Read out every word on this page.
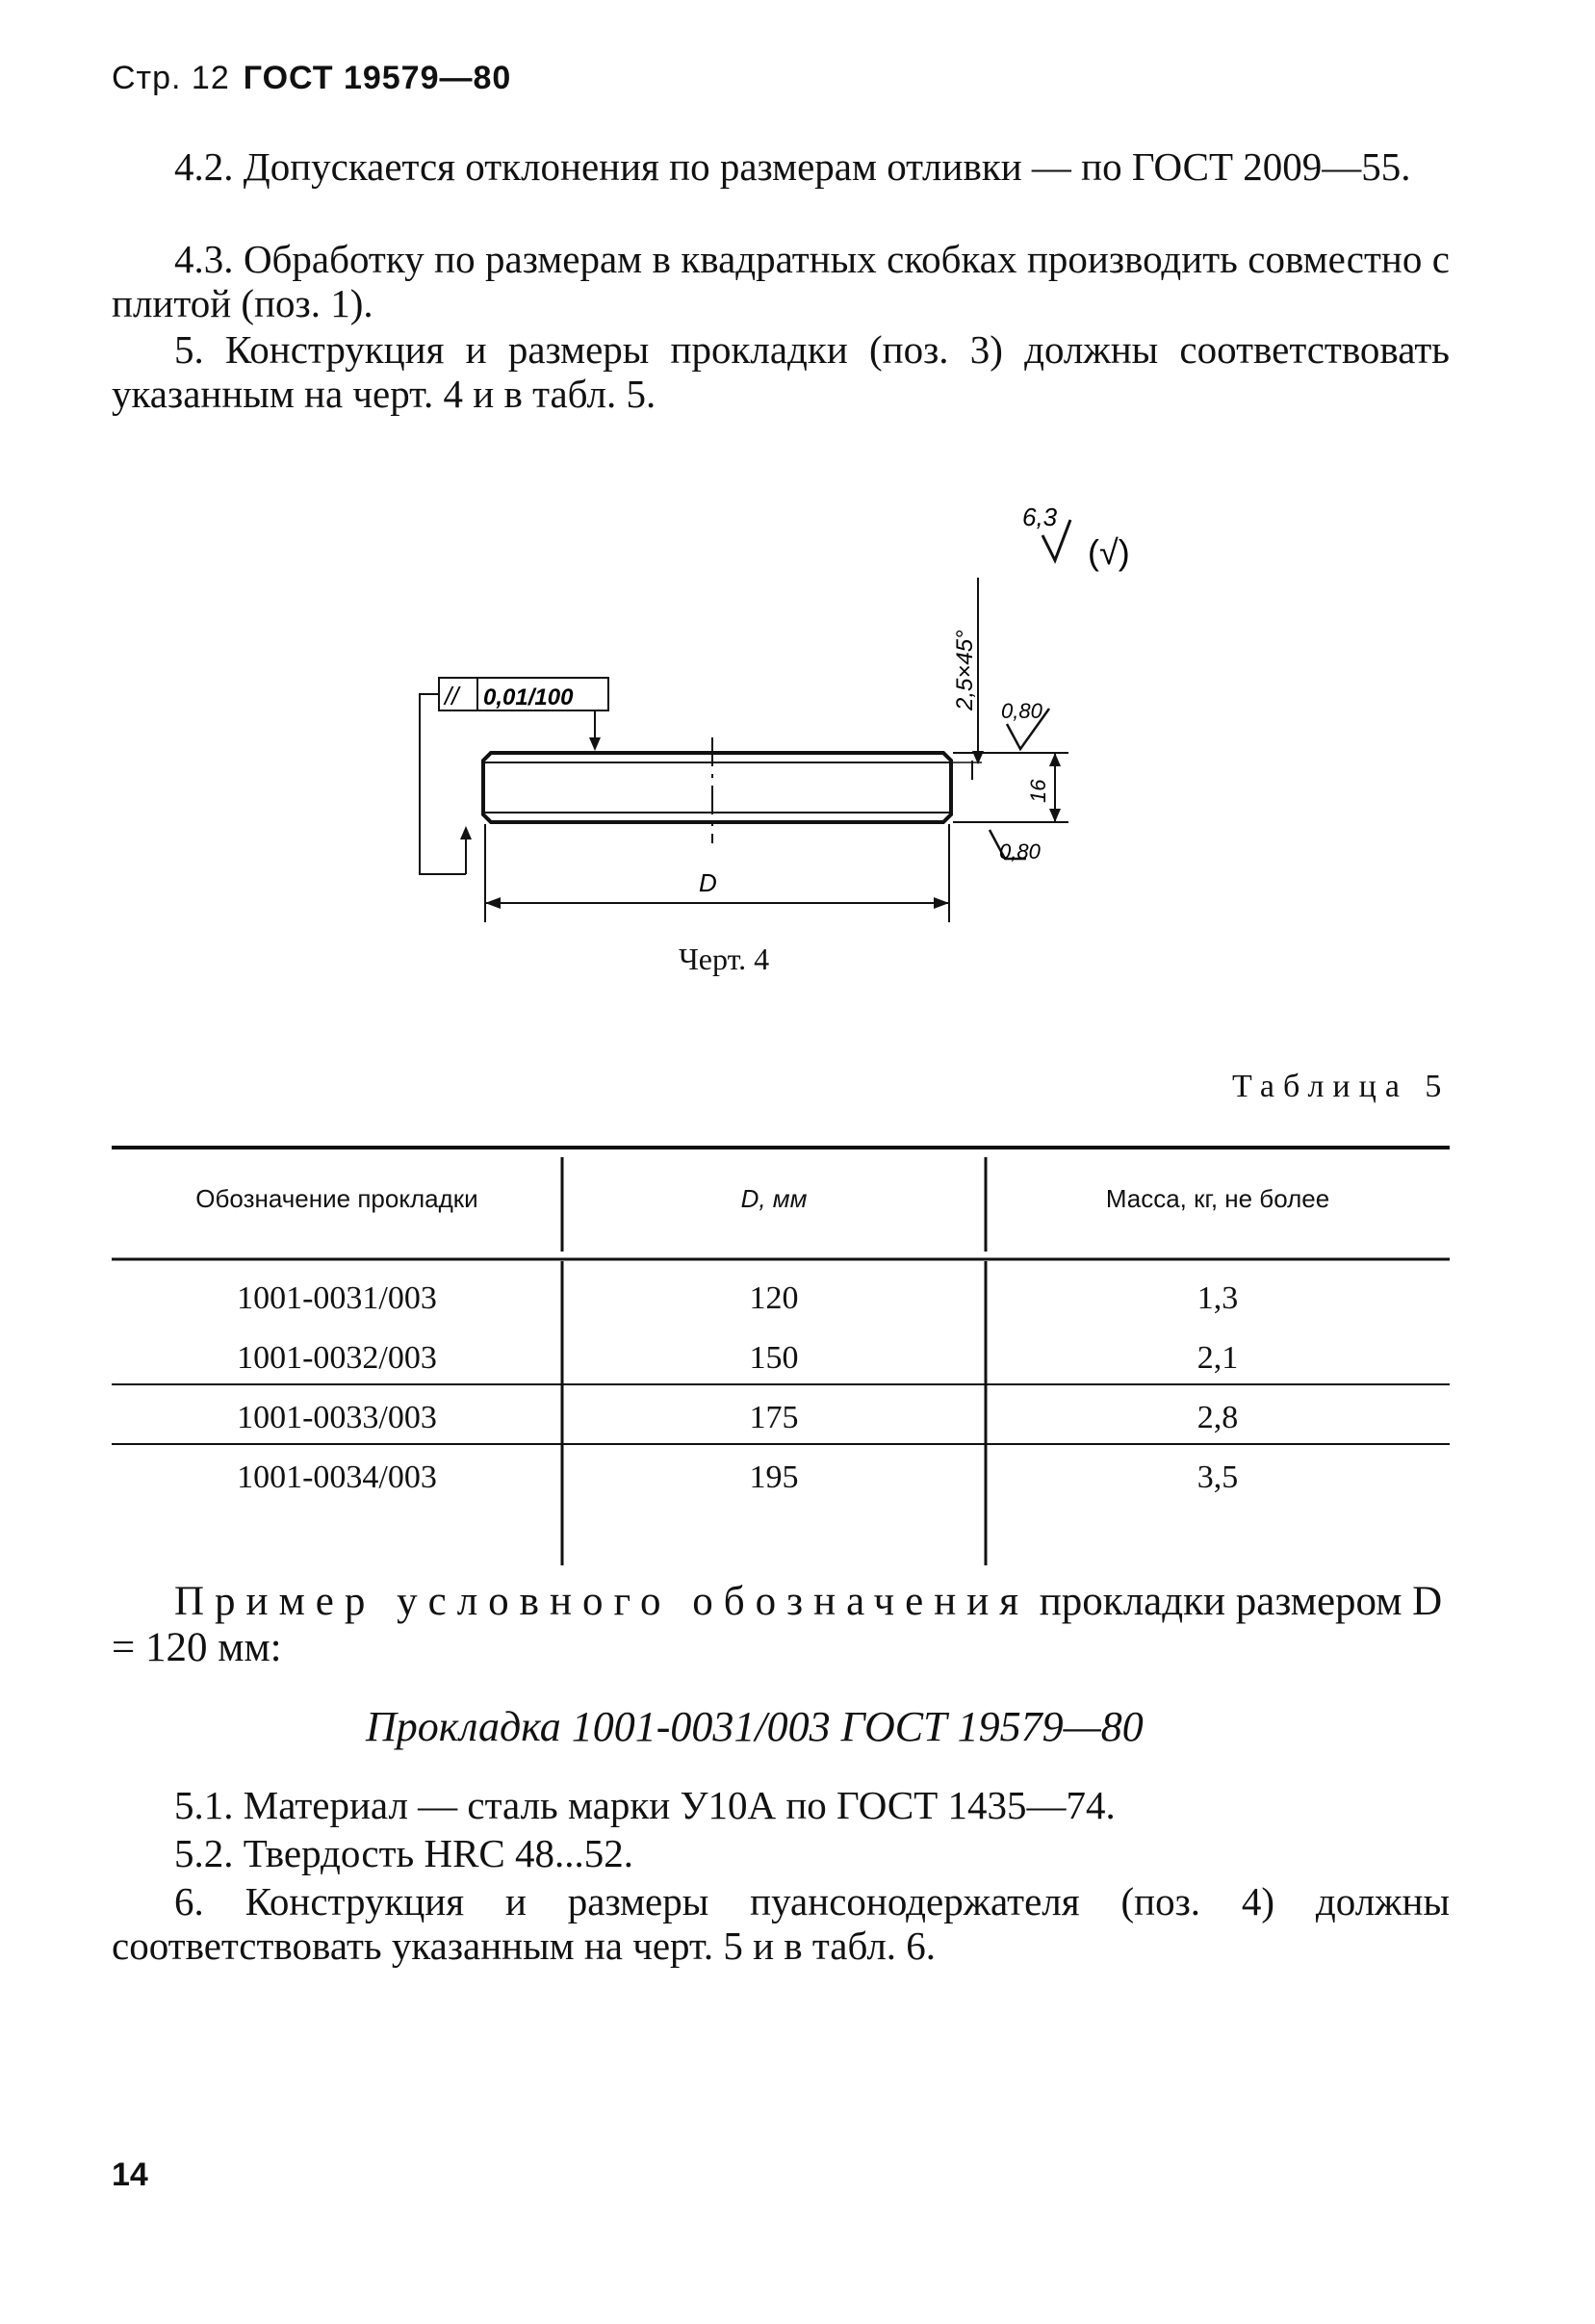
Стр. 12 ГОСТ 19579—80
4.2. Допускается отклонения по размерам отливки — по ГОСТ 2009—55.
4.3. Обработку по размерам в квадратных скобках производить совместно с плитой (поз. 1).
5. Конструкция и размеры прокладки (поз. 3) должны соответствовать указанным на черт. 4 и в табл. 5.
6,3
(√)
2,5×45°
// 0,01/100
16
0,80
0,80
D
Черт. 4
Таблица 5
Обозначение прокладки	D, мм	Масса, кг, не более
1001-0031/003	120	1,3
1001-0032/003	150	2,1
1001-0033/003	175	2,8
1001-0034/003	195	3,5
Пример условного обозначения прокладки размером D = 120 мм:
Прокладка 1001-0031/003 ГОСТ 19579—80
5.1. Материал — сталь марки У10А по ГОСТ 1435—74.
5.2. Твердость HRC 48...52.
6. Конструкция и размеры пуансонодержателя (поз. 4) должны соответствовать указанным на черт. 5 и в табл. 6.
14
